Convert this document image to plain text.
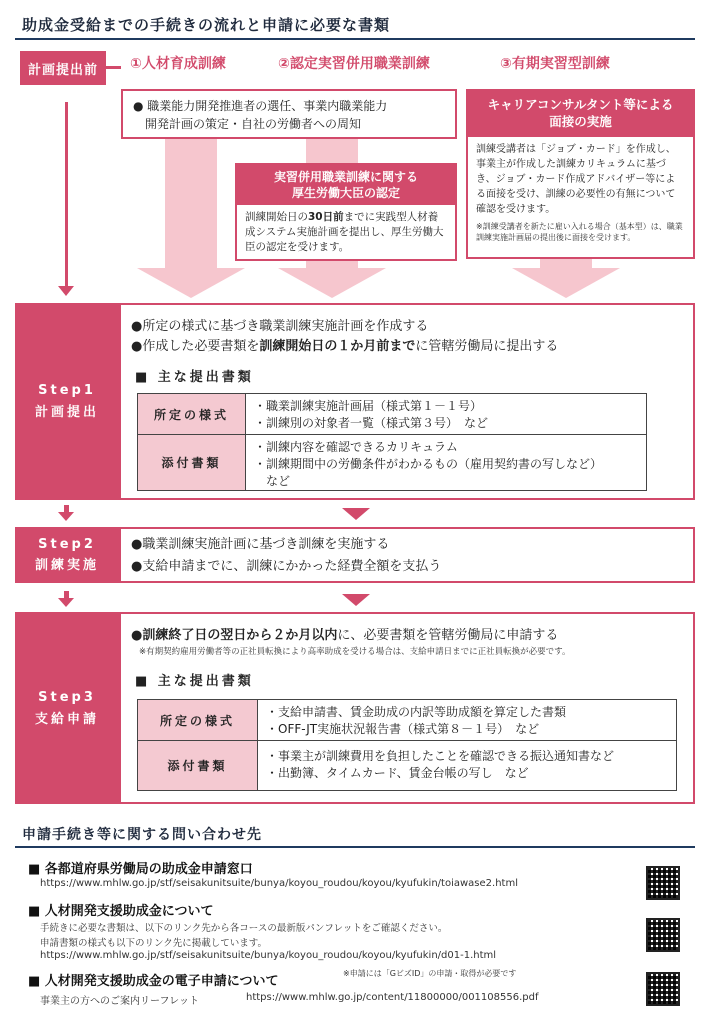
助成金受給までの手続きの流れと申請に必要な書類
計画提出前	①人材育成訓練	②認定実習併用職業訓練	③有期実習型訓練
● 職業能力開発推進者の選任、事業内職業能力
　開発計画の策定・自社の労働者への周知
実習併用職業訓練に関する
厚生労働大臣の認定
訓練開始日の30日前までに実践型人材養成システム実施計画を提出し、厚生労働大臣の認定を受けます。
キャリアコンサルタント等による
面接の実施
訓練受講者は「ジョブ・カード」を作成し、事業主が作成した訓練カリキュラムに基づき、ジョブ・カード作成アドバイザー等による面接を受け、訓練の必要性の有無について確認を受けます。
※訓練受講者を新たに雇い入れる場合（基本型）は、職業訓練実施計画届の提出後に面接を受けます。
Step1
計画提出
●所定の様式に基づき職業訓練実施計画を作成する
●作成した必要書類を訓練開始日の１か月前までに管轄労働局に提出する
■ 主な提出書類
所定の様式
・職業訓練実施計画届（様式第１－１号）
・訓練別の対象者一覧（様式第３号）　など
添付書類
・訓練内容を確認できるカリキュラム
・訓練期間中の労働条件がわかるもの（雇用契約書の写しなど）
　など
Step2
訓練実施
●職業訓練実施計画に基づき訓練を実施する
●支給申請までに、訓練にかかった経費全額を支払う
Step3
支給申請
●訓練終了日の翌日から２か月以内に、必要書類を管轄労働局に申請する
※有期契約雇用労働者等の正社員転換により高率助成を受ける場合は、支給申請日までに正社員転換が必要です。
■ 主な提出書類
所定の様式
・支給申請書、賃金助成の内訳等助成額を算定した書類
・OFF-JT実施状況報告書（様式第８－１号）　など
添付書類
・事業主が訓練費用を負担したことを確認できる振込通知書など
・出勤簿、タイムカード、賃金台帳の写し　など
申請手続き等に関する問い合わせ先
■ 各都道府県労働局の助成金申請窓口
https://www.mhlw.go.jp/stf/seisakunitsuite/bunya/koyou_roudou/koyou/kyufukin/toiawase2.html
■ 人材開発支援助成金について
手続きに必要な書類は、以下のリンク先から各コースの最新版パンフレットをご確認ください。
申請書類の様式も以下のリンク先に掲載しています。
https://www.mhlw.go.jp/stf/seisakunitsuite/bunya/koyou_roudou/koyou/kyufukin/d01-1.html
■ 人材開発支援助成金の電子申請について
※申請には「GビズID」の申請・取得が必要です
事業主の方へのご案内リーフレット	https://www.mhlw.go.jp/content/11800000/001108556.pdf
